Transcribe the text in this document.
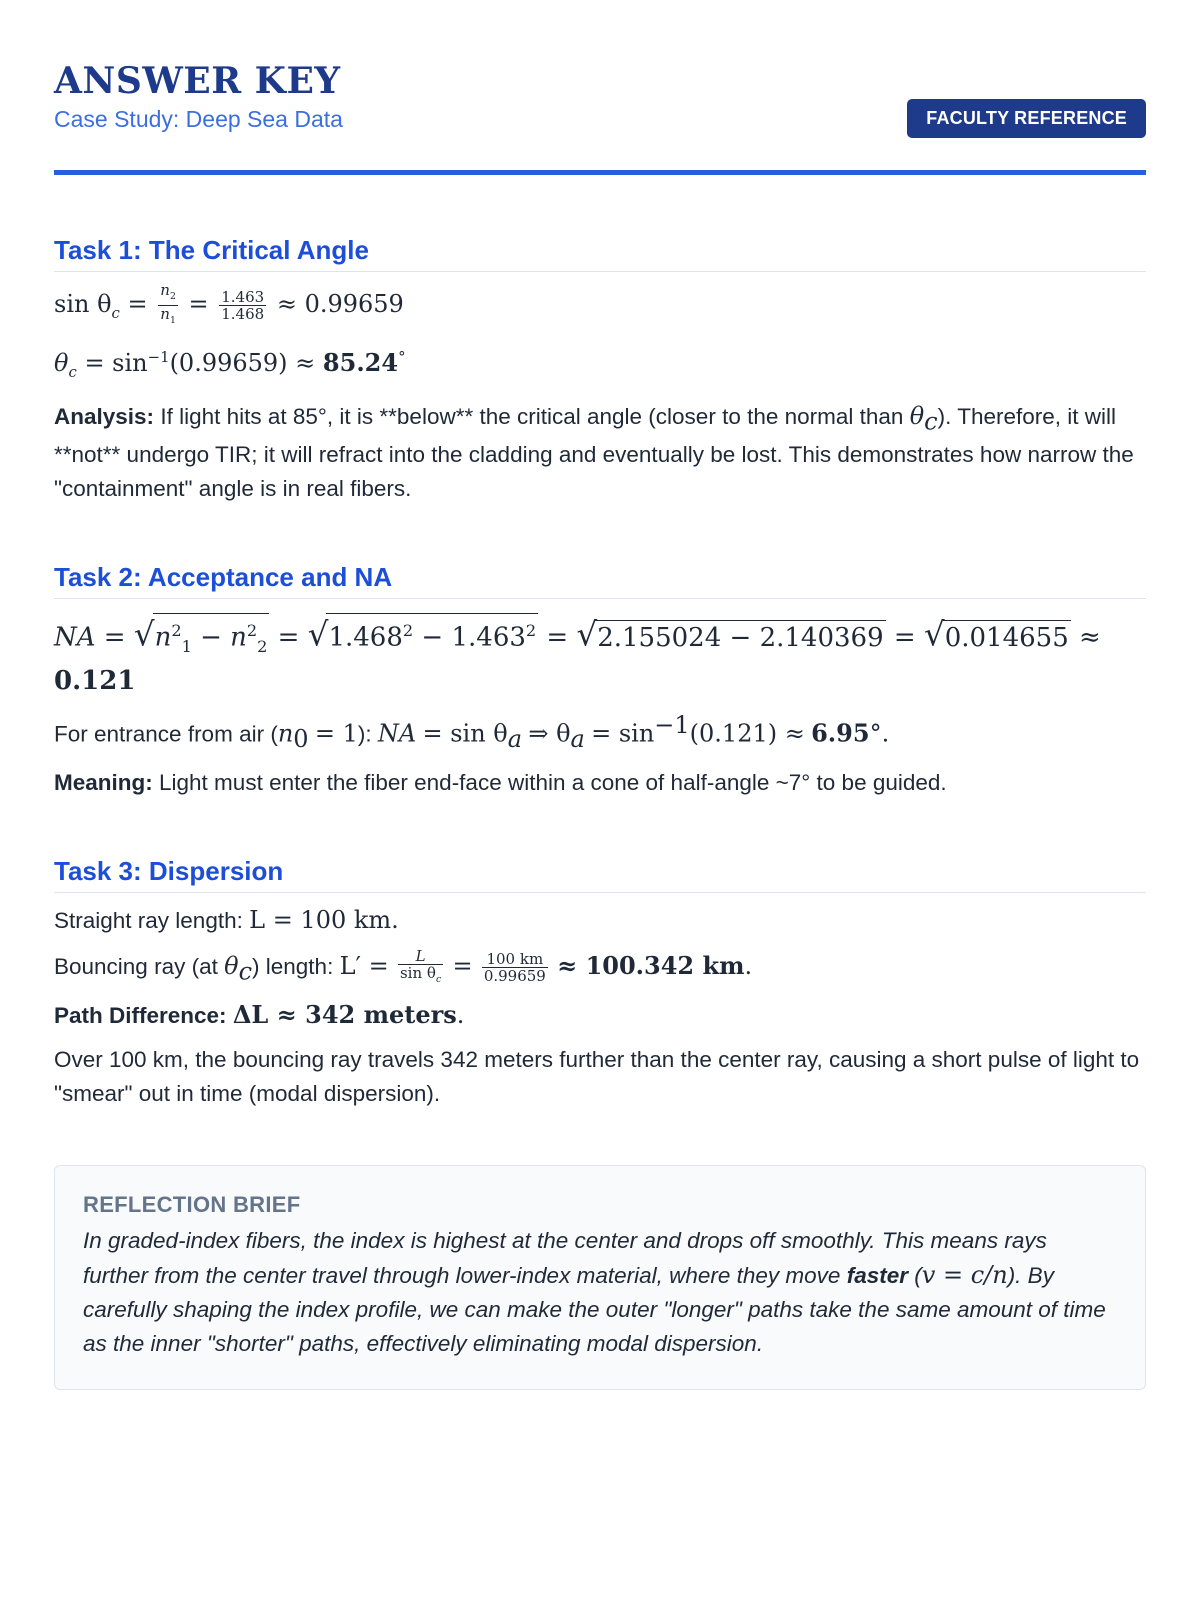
ANSWER KEY
Case Study: Deep Sea Data	FACULTY REFERENCE
Task 1: The Critical Angle
$\sin \theta_c = \frac{n_2}{n_1} = \frac{1.463}{1.468} \approx 0.99659$
$\theta_c = \sin^{-1}(0.99659) \approx 85.24^\circ$

Analysis: If light hits at 85°, it is **below** the critical angle (closer to the normal than $\theta_c$). Therefore, it will **not** undergo TIR; it will refract into the cladding and eventually be lost. This demonstrates how narrow the "containment" angle is in real fibers.

Task 2: Acceptance and NA
NA = $√n^2_1 - n^2_2 = √1.468^2 - 1.463^2 = √2.155024 - 2.140369 = √0.014655 \approx 0.121$

For entrance from air $(n_0 = 1)$: NA = $\sin \theta_a$ ⇒ $\theta_a = \sin^{-1}(0.121) \approx 6.95^\circ$.

Meaning: Light must enter the fiber end-face within a cone of half-angle ~7° to be guided.

Task 3: Dispersion

Straight ray length: L = 100 km.

Bouncing ray (at $\theta_c$) length: $L' = \frac{L}{\sin \theta_c} = \frac{100 km}{0.99659} \approx 100.342$ km.

Path Difference: ΔL ≈ 342 meters.

Over 100 km, the bouncing ray travels 342 meters further than the center ray, causing a short pulse of light to "smear" out in time (modal dispersion).

REFLECTION BRIEF

In graded-index fibers, the index is highest at the center and drops off smoothly. This means rays further from the center travel through lower-index material, where they move faster (v = c/n). By carefully shaping the index profile, we can make the outer "longer" paths take the same amount of time as the inner "shorter" paths, effectively eliminating modal dispersion.
